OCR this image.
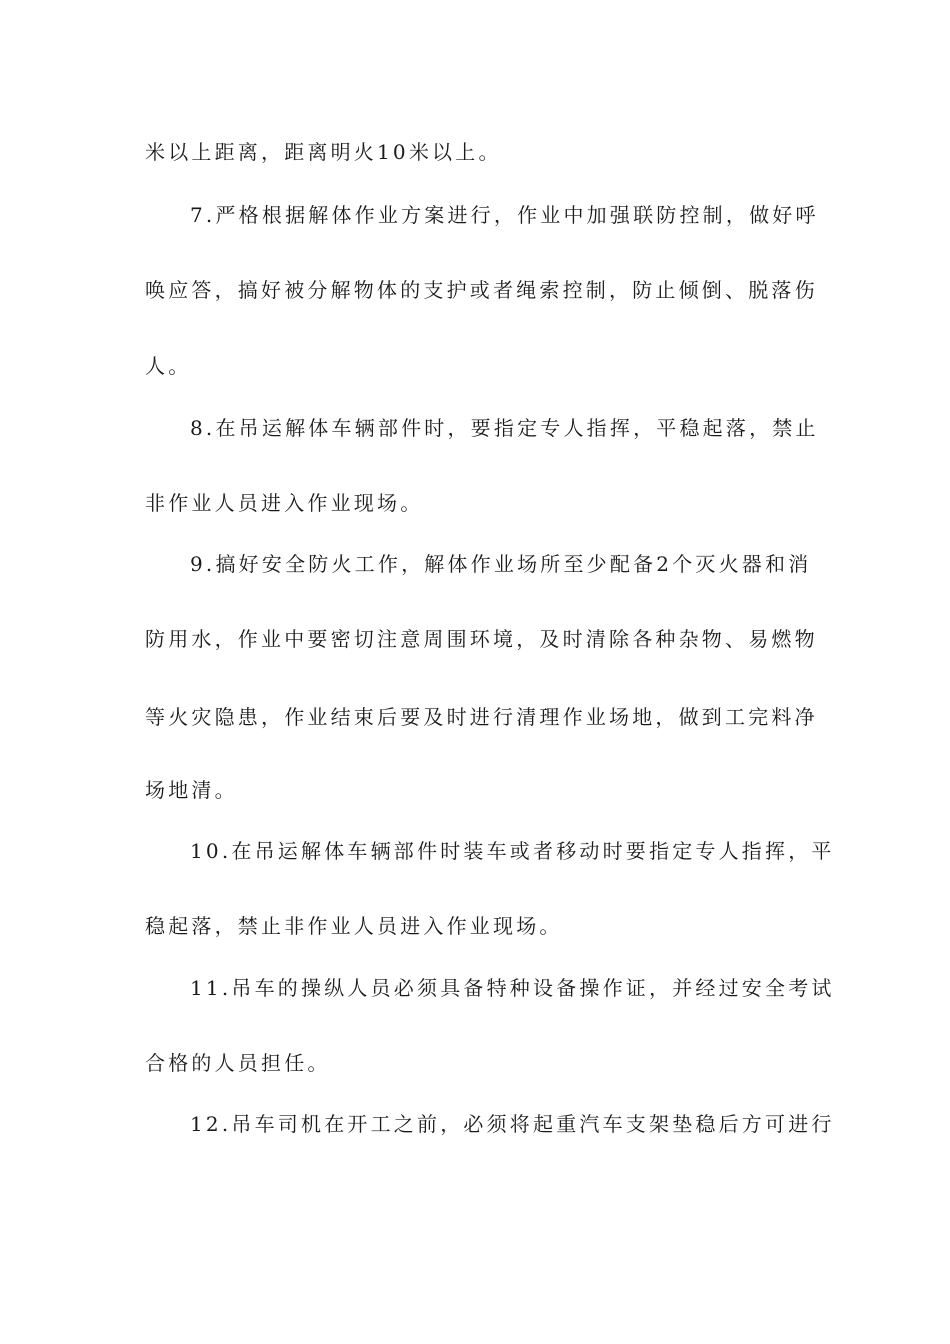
米以上距离，距离明火10米以上。
7.严格根据解体作业方案进行，作业中加强联防控制，做好呼
唤应答，搞好被分解物体的支护或者绳索控制，防止倾倒、脱落伤
人。
8.在吊运解体车辆部件时，要指定专人指挥，平稳起落，禁止
非作业人员进入作业现场。
9.搞好安全防火工作，解体作业场所至少配备2个灭火器和消
防用水，作业中要密切注意周围环境，及时清除各种杂物、易燃物
等火灾隐患，作业结束后要及时进行清理作业场地，做到工完料净
场地清。
10.在吊运解体车辆部件时装车或者移动时要指定专人指挥，平
稳起落，禁止非作业人员进入作业现场。
11.吊车的操纵人员必须具备特种设备操作证，并经过安全考试
合格的人员担任。
12.吊车司机在开工之前，必须将起重汽车支架垫稳后方可进行
